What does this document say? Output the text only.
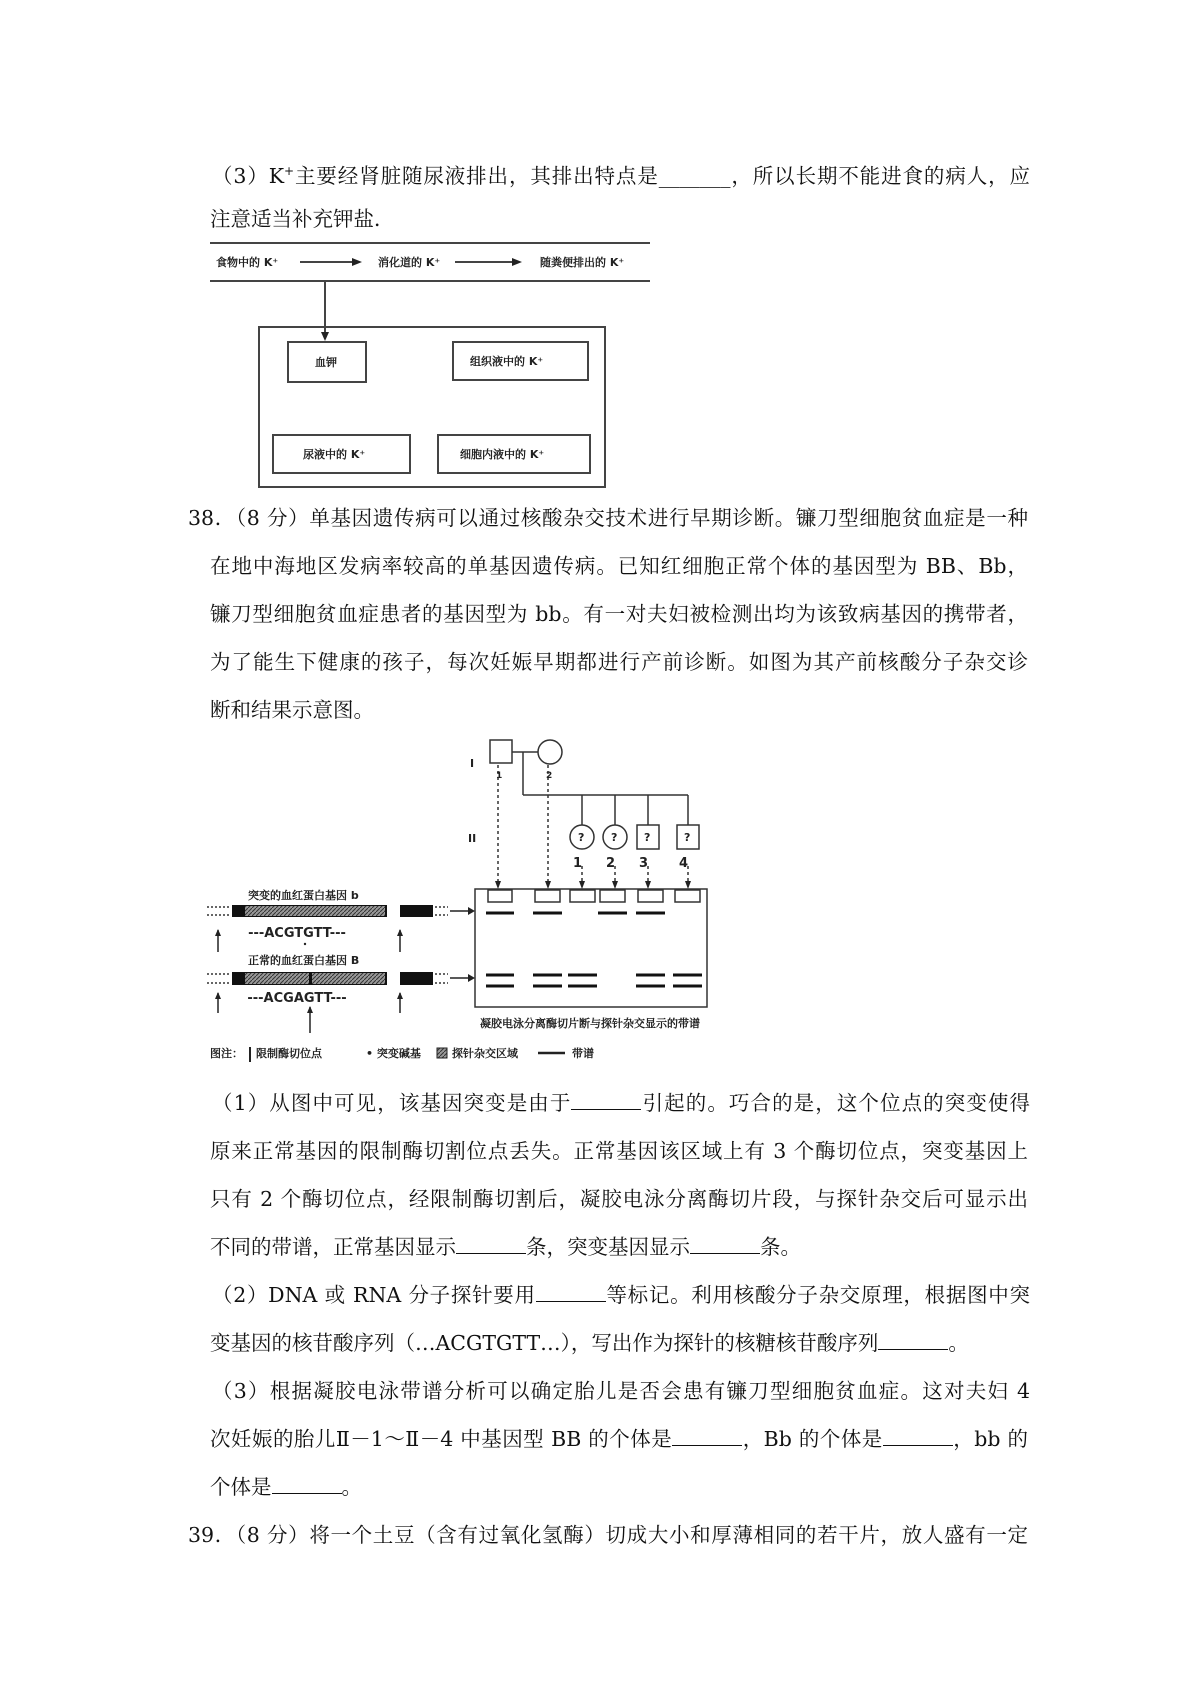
（3）K+主要经肾脏随尿液排出，其排出特点是_______，所以长期不能进食的病人，应
注意适当补充钾盐．
食物中的 K⁺	消化道的 K⁺	随粪便排出的 K⁺
血钾	组织液中的 K⁺
尿液中的 K⁺	细胞内液中的 K⁺
38．（8 分）单基因遗传病可以通过核酸杂交技术进行早期诊断。镰刀型细胞贫血症是一种
在地中海地区发病率较高的单基因遗传病。已知红细胞正常个体的基因型为 BB、Bb，
镰刀型细胞贫血症患者的基因型为 bb。有一对夫妇被检测出均为该致病基因的携带者，
为了能生下健康的孩子，每次妊娠早期都进行产前诊断。如图为其产前核酸分子杂交诊
断和结果示意图。
I
II
1	2
? ? ?	?
1 2 3 4
突变的血红蛋白基因 b
---ACGTGTT---
正常的血红蛋白基因 B
---ACGAGTT---
凝胶电泳分离酶切片断与探针杂交显示的带谱
图注： 限制酶切位点	• 突变碱基	探针杂交区域	带谱
（1）从图中可见，该基因突变是由于	引起的。巧合的是，这个位点的突变使得
原来正常基因的限制酶切割位点丢失。正常基因该区域上有 3 个酶切位点，突变基因上
只有 2 个酶切位点，经限制酶切割后，凝胶电泳分离酶切片段，与探针杂交后可显示出
不同的带谱，正常基因显示	条，突变基因显示	条。
（2）DNA 或 RNA 分子探针要用	等标记。利用核酸分子杂交原理，根据图中突
变基因的核苷酸序列（…ACGTGTT…），写出作为探针的核糖核苷酸序列	。
（3）根据凝胶电泳带谱分析可以确定胎儿是否会患有镰刀型细胞贫血症。这对夫妇 4
次妊娠的胎儿Ⅱ－1～Ⅱ－4 中基因型 BB 的个体是	，Bb 的个体是	，bb 的
个体是	。
39．（8 分）将一个土豆（含有过氧化氢酶）切成大小和厚薄相同的若干片，放人盛有一定
